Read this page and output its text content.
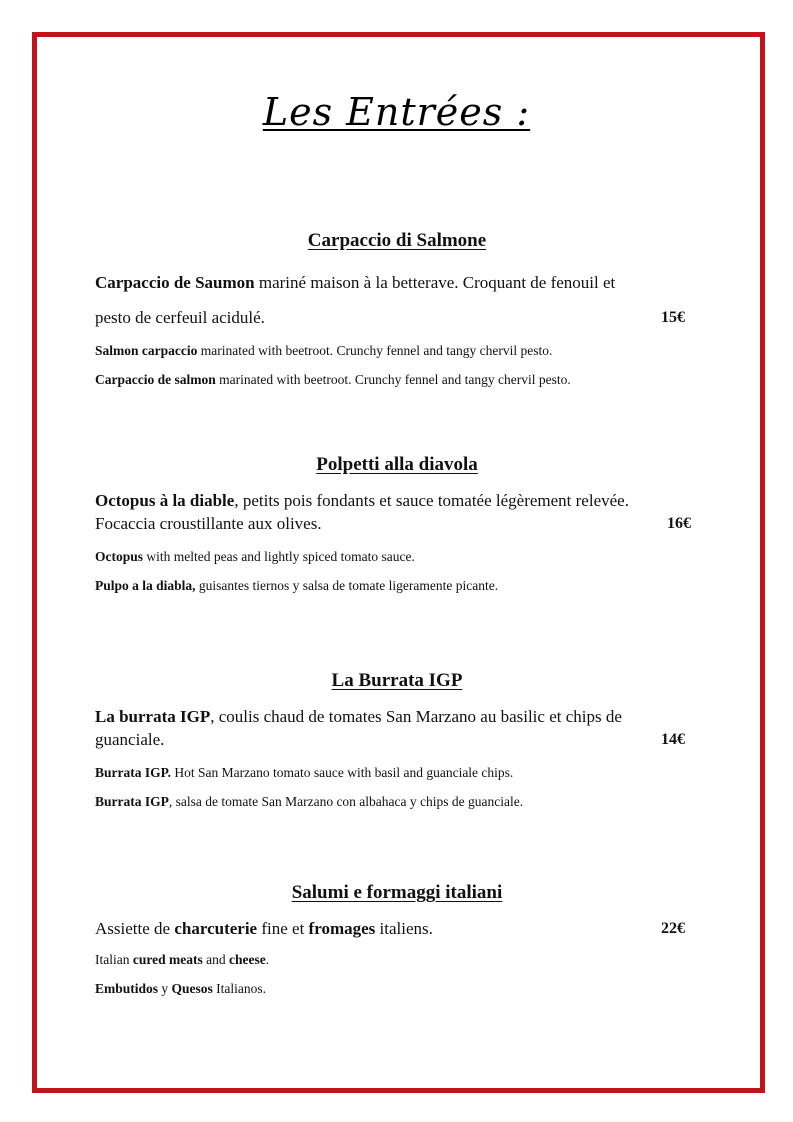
Les Entrées :
Carpaccio di Salmone

Carpaccio de Saumon mariné maison à la betterave. Croquant de fenouil et
pesto de cerfeuil acidulé.	15€

Salmon carpaccio marinated with beetroot. Crunchy fennel and tangy chervil pesto.

Carpaccio de salmon marinated with beetroot. Crunchy fennel and tangy chervil pesto.

Polpetti alla diavola

Octopus à la diable, petits pois fondants et sauce tomatée légèrement relevée.
Focaccia croustillante aux olives.	16€

Octopus with melted peas and lightly spiced tomato sauce.

Pulpo a la diabla, guisantes tiernos y salsa de tomate ligeramente picante.

La Burrata IGP

La burrata IGP, coulis chaud de tomates San Marzano au basilic et chips de
guanciale.	14€

Burrata IGP. Hot San Marzano tomato sauce with basil and guanciale chips.

Burrata IGP, salsa de tomate San Marzano con albahaca y chips de guanciale.

Salumi e formaggi italiani

Assiette de charcuterie fine et fromages italiens.	22€

Italian cured meats and cheese.

Embutidos y Quesos Italianos.
